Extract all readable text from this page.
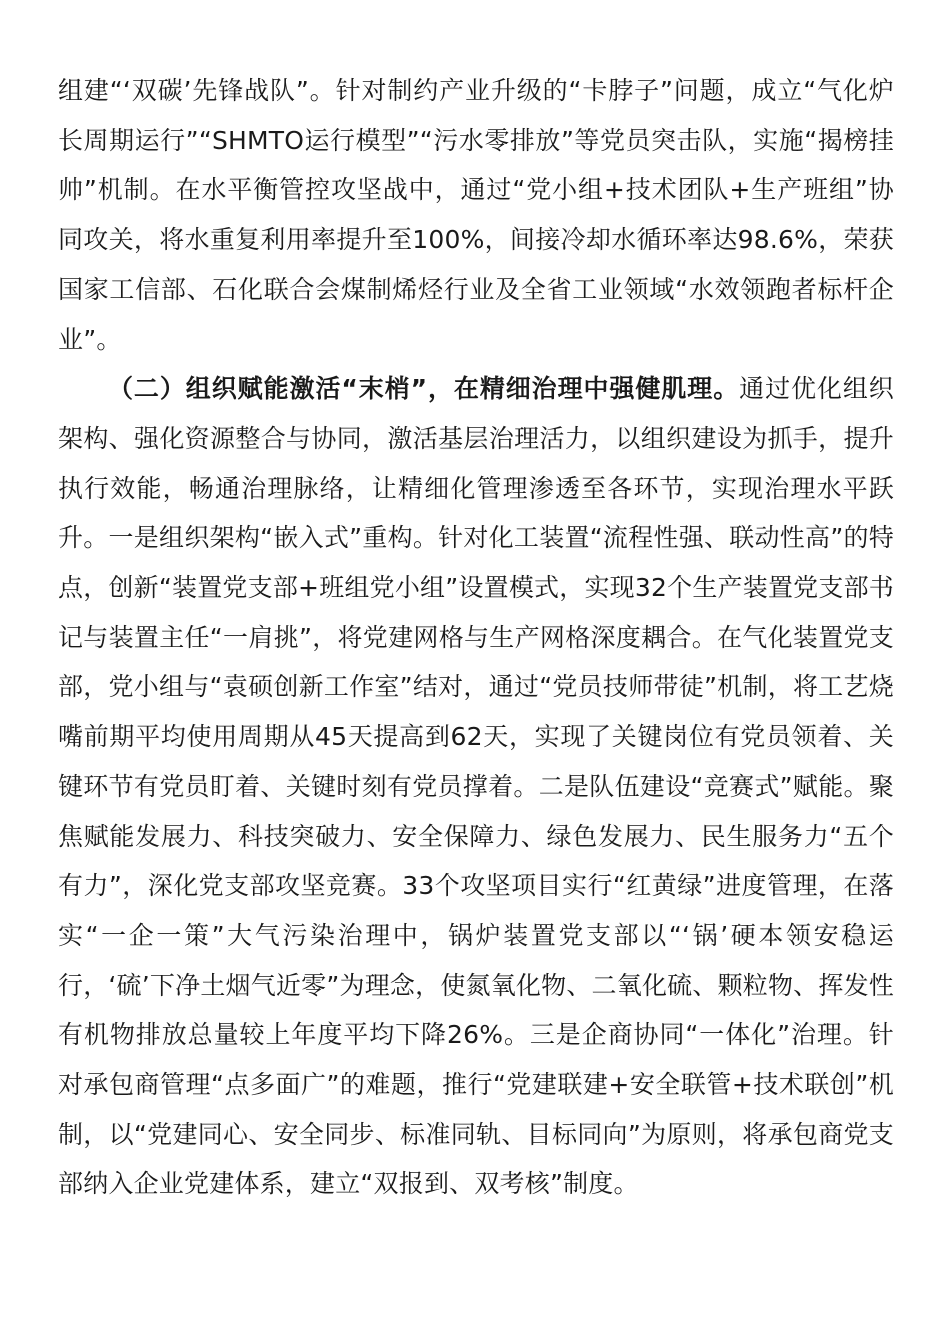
组建“‘双碳’先锋战队”。针对制约产业升级的“卡脖子”问题，成立“气化炉长周期运行”“SHMTO运行模型”“污水零排放”等党员突击队，实施“揭榜挂帅”机制。在水平衡管控攻坚战中，通过“党小组+技术团队+生产班组”协同攻关，将水重复利用率提升至100%，间接冷却水循环率达98.6%，荣获国家工信部、石化联合会煤制烯烃行业及全省工业领域“水效领跑者标杆企业”。

（二）组织赋能激活“末梢”，在精细治理中强健肌理。通过优化组织架构、强化资源整合与协同，激活基层治理活力，以组织建设为抓手，提升执行效能，畅通治理脉络，让精细化管理渗透至各环节，实现治理水平跃升。一是组织架构“嵌入式”重构。针对化工装置“流程性强、联动性高”的特点，创新“装置党支部+班组党小组”设置模式，实现32个生产装置党支部书记与装置主任“一肩挑”，将党建网格与生产网格深度耦合。在气化装置党支部，党小组与“袁硕创新工作室”结对，通过“党员技师带徒”机制，将工艺烧嘴前期平均使用周期从45天提高到62天，实现了关键岗位有党员领着、关键环节有党员盯着、关键时刻有党员撑着。二是队伍建设“竞赛式”赋能。聚焦赋能发展力、科技突破力、安全保障力、绿色发展力、民生服务力“五个有力”，深化党支部攻坚竞赛。33个攻坚项目实行“红黄绿”进度管理，在落实“一企一策”大气污染治理中，锅炉装置党支部以“‘锅’硬本领安稳运行，‘硫’下净土烟气近零”为理念，使氮氧化物、二氧化硫、颗粒物、挥发性有机物排放总量较上年度平均下降26%。三是企商协同“一体化”治理。针对承包商管理“点多面广”的难题，推行“党建联建+安全联管+技术联创”机制，以“党建同心、安全同步、标准同轨、目标同向”为原则，将承包商党支部纳入企业党建体系，建立“双报到、双考核”制度。
